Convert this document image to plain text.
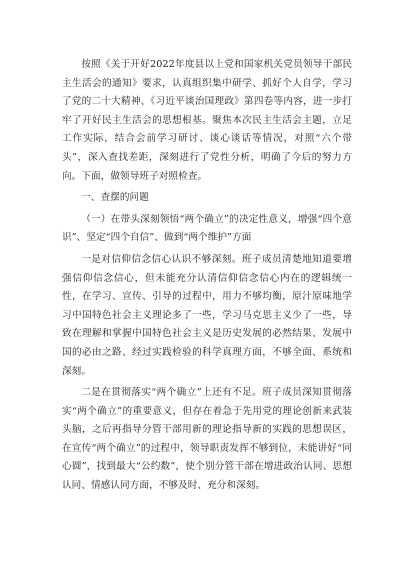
按照《关于开好2022年度县以上党和国家机关党员领导干部民主生活会的通知》要求，认真组织集中研学、抓好个人自学，学习了党的二十大精神、《习近平谈治国理政》第四卷等内容，进一步打牢了开好民主生活会的思想根基。聚焦本次民主生活会主题，立足工作实际，结合会前学习研讨、谈心谈话等情况，对照“六个带头”，深入查找差距，深刻进行了党性分析，明确了今后的努力方向。下面，做领导班子对照检查。

一、查摆的问题

（一）在带头深刻领悟“两个确立”的决定性意义，增强“四个意识”、坚定“四个自信”、做到“两个维护”方面

一是对信仰信念信心认识不够深刻。班子成员清楚地知道要增强信仰信念信心，但未能充分认清信仰信念信心内在的逻辑统一性，在学习、宣传、引导的过程中，用力不够均衡，原汁原味地学习中国特色社会主义理论多了一些，学习马克思主义少了一些，导致在理解和掌握中国特色社会主义是历史发展的必然结果、发展中国的必由之路、经过实践检验的科学真理方面，不够全面、系统和深刻。

二是在贯彻落实“两个确立”上还有不足。班子成员深知贯彻落实“两个确立”的重要意义，但存在着急于先用党的理论创新来武装头脑，之后再指导分管干部用新的理论指导新的实践的思想误区，在宣传“两个确立”的过程中，领导职责发挥不够到位，未能讲好“同心圆”，找到最大“公约数”，使个别分管干部在增进政治认同、思想认同、情感认同方面，不够及时、充分和深刻。
